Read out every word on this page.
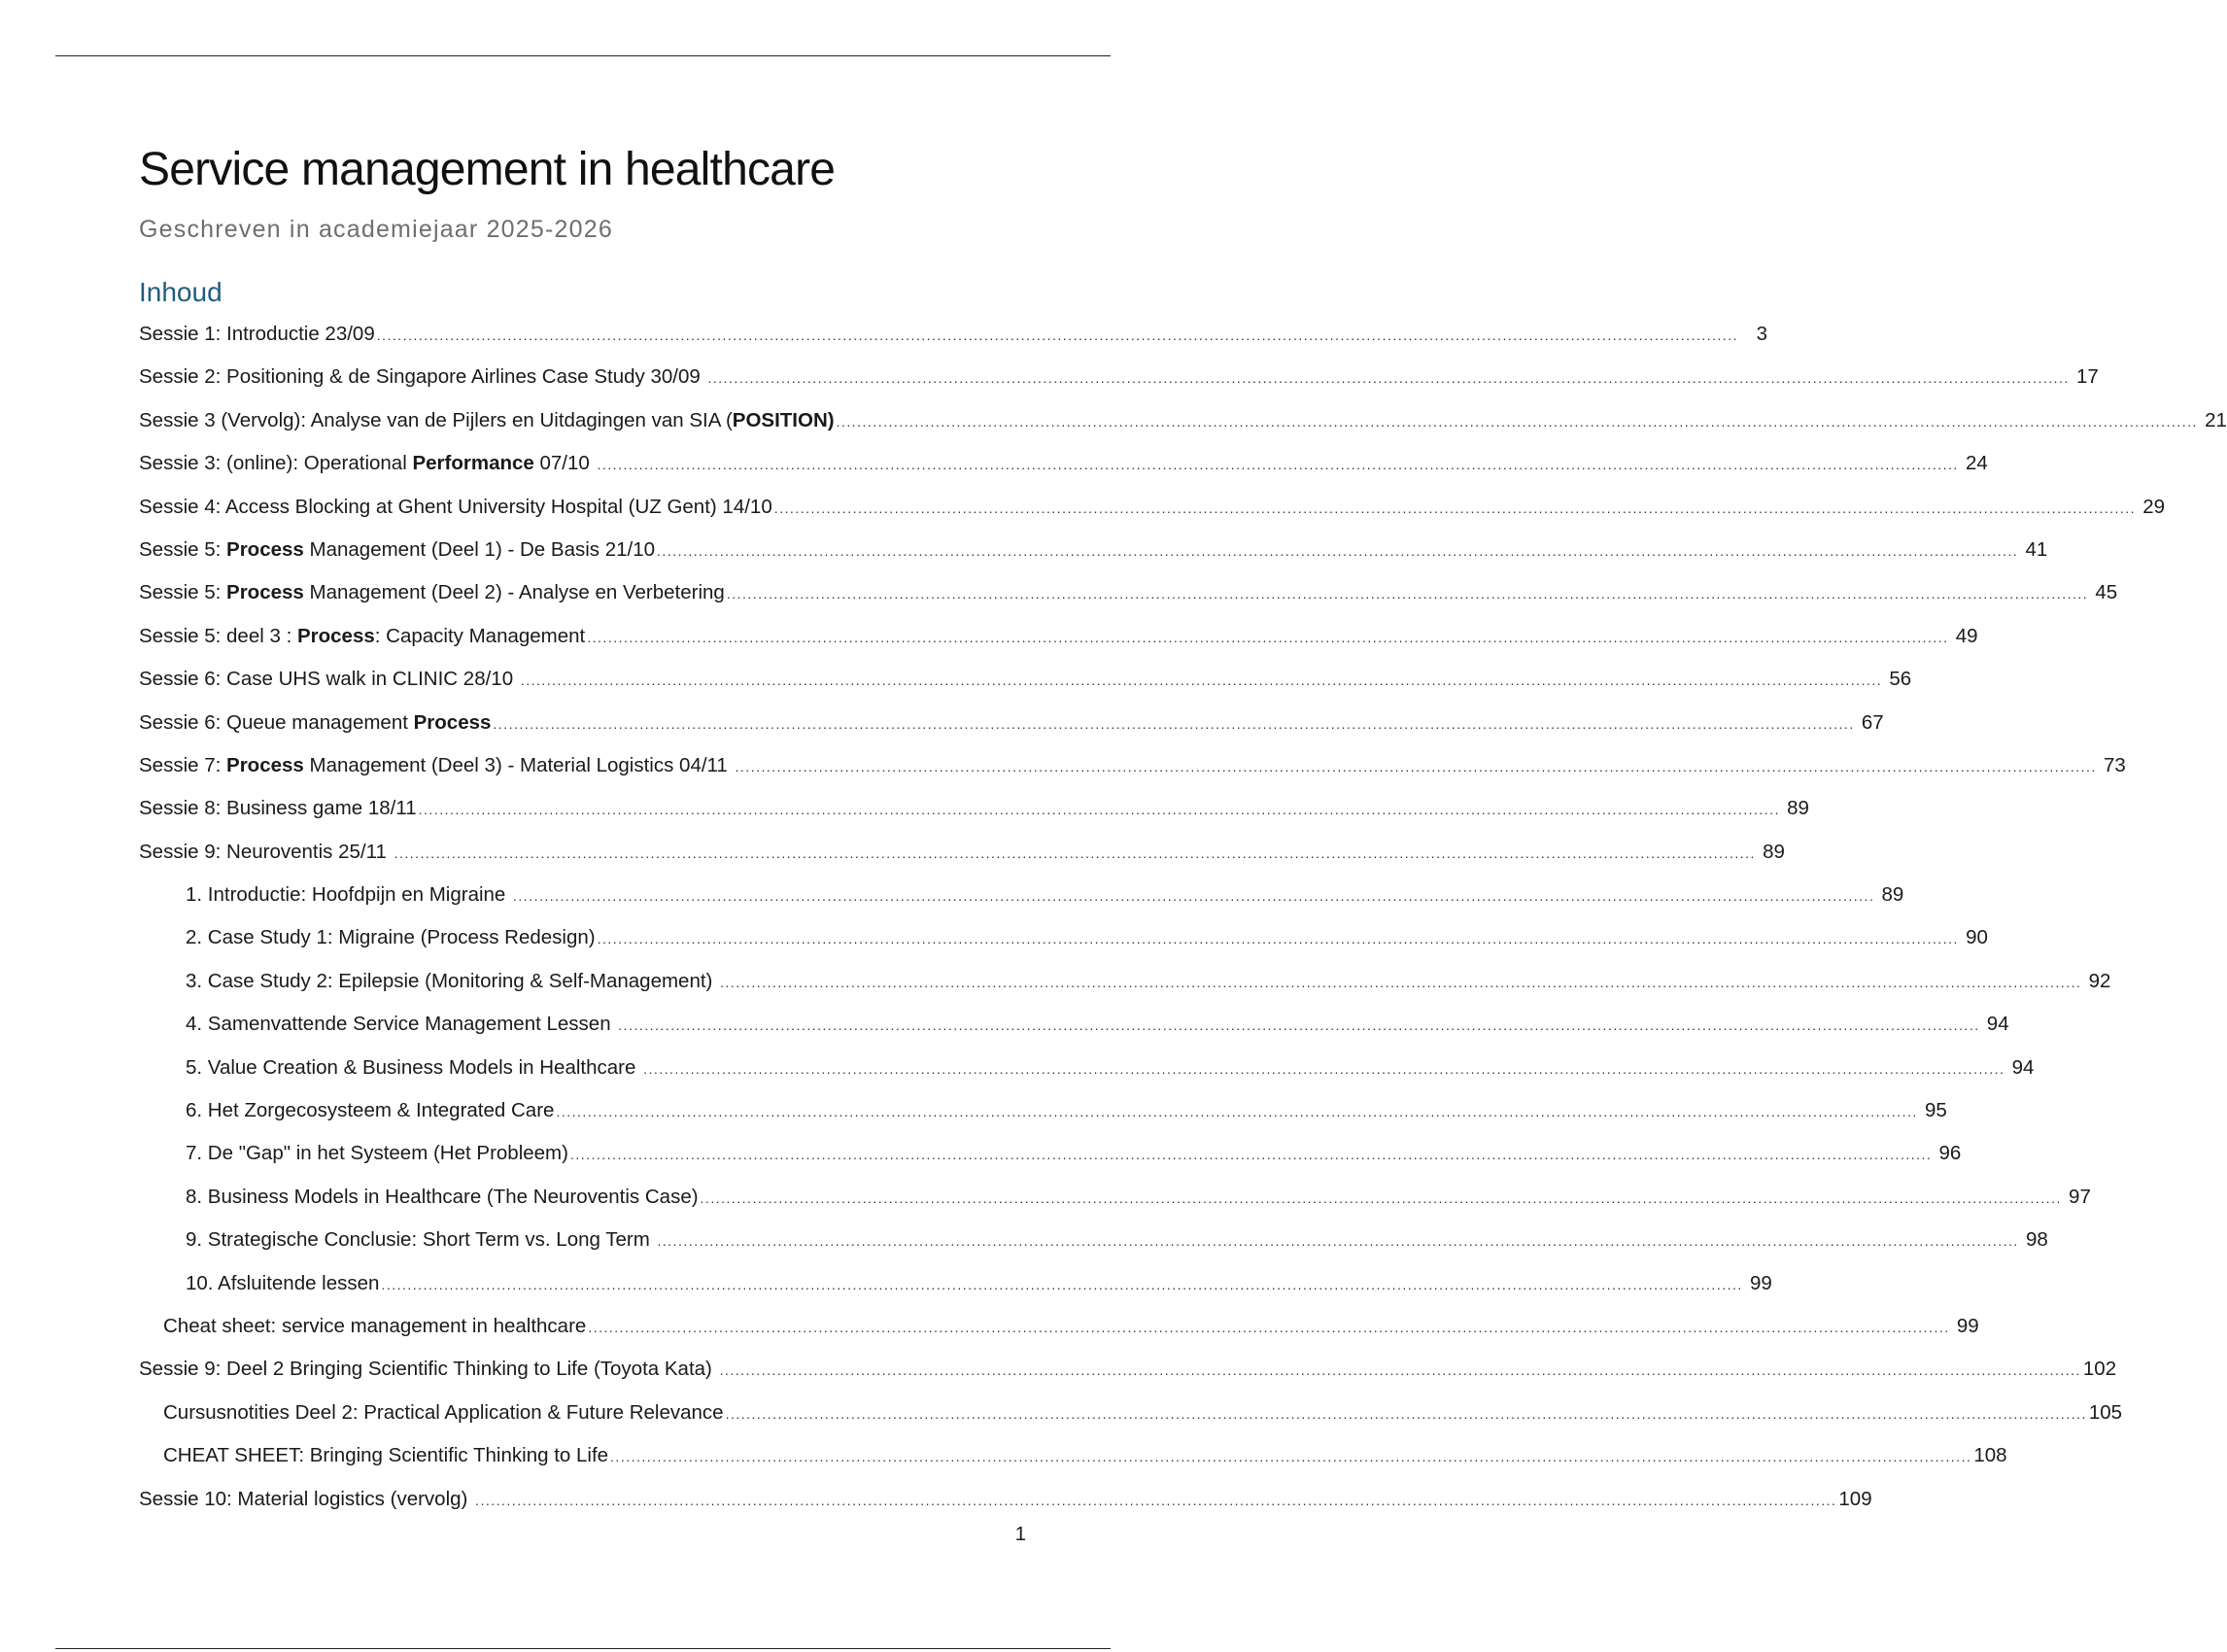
Service management in healthcare

Geschreven in academiejaar 2025-2026

Inhoud
Sessie 1: Introductie 23/09 .....	3
Sessie 2: Positioning & de Singapore Airlines Case Study 30/09 .....	17
Sessie 3 (Vervolg): Analyse van de Pijlers en Uitdagingen van SIA (POSITION) .....	21
Sessie 3: (online): Operational Performance 07/10 .....	24
Sessie 4: Access Blocking at Ghent University Hospital (UZ Gent) 14/10 .....	29
Sessie 5: Process Management (Deel 1) - De Basis 21/10 .....	41
Sessie 5: Process Management (Deel 2) - Analyse en Verbetering .....	45
Sessie 5: deel 3 : Process: Capacity Management .....	49
Sessie 6: Case UHS walk in CLINIC 28/10 .....	56
Sessie 6: Queue management Process .....	67
Sessie 7: Process Management (Deel 3) - Material Logistics 04/11 .....	73
Sessie 8: Business game 18/11 .....	89
Sessie 9: Neuroventis 25/11 .....	89
1. Introductie: Hoofdpijn en Migraine .....	89
2. Case Study 1: Migraine (Process Redesign) .....	90
3. Case Study 2: Epilepsie (Monitoring & Self-Management) .....	92
4. Samenvattende Service Management Lessen .....	94
5. Value Creation & Business Models in Healthcare .....	94
6. Het Zorgecosysteem & Integrated Care .....	95
7. De "Gap" in het Systeem (Het Probleem) .....	96
8. Business Models in Healthcare (The Neuroventis Case) .....	97
9. Strategische Conclusie: Short Term vs. Long Term .....	98
10. Afsluitende lessen .....	99
Cheat sheet: service management in healthcare .....	99
Sessie 9: Deel 2 Bringing Scientific Thinking to Life (Toyota Kata) .....	102
Cursusnotities Deel 2: Practical Application & Future Relevance .....	105
CHEAT SHEET: Bringing Scientific Thinking to Life .....	108
Sessie 10: Material logistics (vervolg) .....	109

1
